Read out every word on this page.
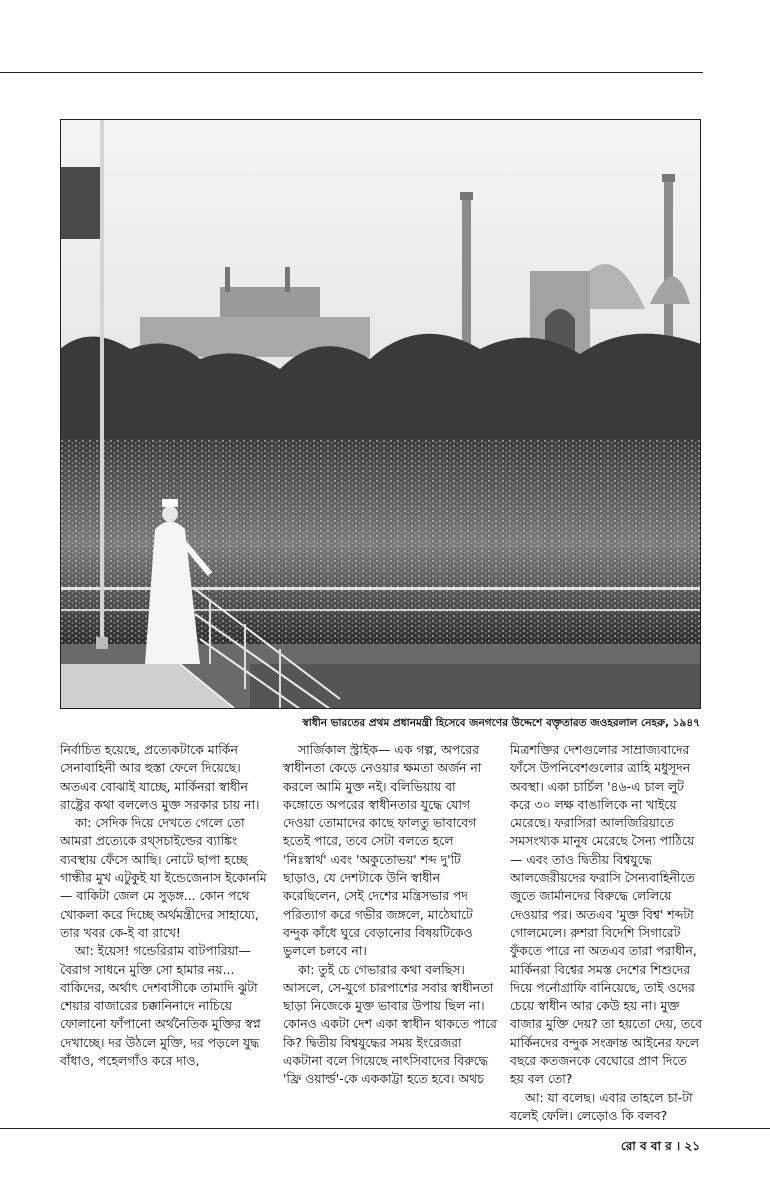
স্বাধীন ভারতের প্রথম প্রধানমন্ত্রী হিসেবে জনগণের উদ্দেশে বক্তৃতারত জওহরলাল নেহরু, ১৯৪৭

নির্বাচিত হয়েছে, প্রত্যেকটাকে মার্কিন সেনাবাহিনী আর হুস্তা ফেলে দিয়েছে। অতএব বোঝাই যাচ্ছে, মার্কিনরা স্বাধীন রাষ্ট্রের কথা বললেও মুক্ত সরকার চায় না।

কা: সেদিক দিয়ে দেখতে গেলে তো আমরা প্রত্যেকে রথ্‌সচাইল্ডের ব্যাঙ্কিং ব্যবস্থায় ফেঁসে আছি। নোটে ছাপা হচ্ছে গান্ধীর মুখ এটুকুই যা ইন্ডেজেনাস ইকোনমি— বাকিটা জেল মে সুড়ঙ্গ... কোন পথে খোকলা করে দিচ্ছে অর্থমন্ত্রীদের সাহায্যে, তার খবর কে-ই বা রাখে!

আ: ইয়েস! গন্ডেরিরাম বাটপারিয়া— বৈরাগ সাধনে মুক্তি সো হামার নয়... বাকিদের, অর্থাৎ দেশবাসীকে তামাদি ঝুটা শেয়ার বাজারের চক্কানিনাদে নাচিয়ে ফোলানো ফাঁপানো অর্থনৈতিক মুক্তির স্বপ্ন দেখাচ্ছে। দর উঠলে মুক্তি, দর পড়লে যুদ্ধ বাঁধাও, পহেলগাঁও করে দাও,

সার্জিকাল স্ট্রাইক— এক গল্প, অপরের স্বাধীনতা কেড়ে নেওয়ার ক্ষমতা অর্জন না করলে আমি মুক্ত নই। বলিভিয়ায় বা কঙ্গোতে অপরের স্বাধীনতার যুদ্ধে যোগ দেওয়া তোমাদের কাছে ফালতু ভাবাবেগ হতেই পারে, তবে সেটা বলতে হলে 'নিঃস্বার্থ' এবং 'অকুতোভয়' শব্দ দু'টি ছাড়াও, যে দেশটাকে উনি স্বাধীন করেছিলেন, সেই দেশের মন্ত্রিসভার পদ পরিত্যাগ করে গভীর জঙ্গলে, মাঠেঘাটে বন্দুক কাঁধে ঘুরে বেড়ানোর বিষয়টিকেও ভুললে চলবে না।

কা: তুই চে গেভারার কথা বলছিস। আসলে, সে-যুগে চারপাশের সবার স্বাধীনতা ছাড়া নিজেকে মুক্ত ভাবার উপায় ছিল না। কোনও একটা দেশ একা স্বাধীন থাকতে পারে কি? দ্বিতীয় বিশ্বযুদ্ধের সময় ইংরেজরা একটানা বলে গিয়েছে নাৎসিবাদের বিরুদ্ধে 'ফ্রি ওয়ার্ল্ড'-কে এককাট্টা হতে হবে। অথচ

মিত্রশক্তির দেশগুলোর সাম্রাজ্যবাদের ফাঁসে উপনিবেশগুলোর ত্রাহি মধুসূদন অবস্থা। একা চার্চিল '৪৬-এ চাল লুট করে ৩০ লক্ষ বাঙালিকে না খাইয়ে মেরেছে। ফরাসিরা আলজিরিয়াতে সমসংখ্যক মানুষ মেরেছে সৈন্য পাঠিয়ে— এবং তাও দ্বিতীয় বিশ্বযুদ্ধে আলজেরীয়দের ফরাসি সৈন্যবাহিনীতে জুতে জার্মানদের বিরুদ্ধে লেলিয়ে দেওয়ার পর। অতএব 'মুক্ত বিশ্ব' শব্দটা গোলমেলে। রুশরা বিদেশি সিগারেট ফুঁকতে পারে না অতএব তারা পরাধীন, মার্কিনরা বিশ্বের সমস্ত দেশের শিশুদের দিয়ে পর্নোগ্রাফি বানিয়েছে, তাই ওদের চেয়ে স্বাধীন আর কেউ হয় না। মুক্ত বাজার মুক্তি দেয়? তা হয়তো দেয়, তবে মার্কিনদের বন্দুক সংক্রান্ত আইনের ফলে বছরে কতজনকে বেঘোরে প্রাণ দিতে হয় বল তো?

আ: যা বলেছ। এবার তাহলে চা-টা বলেই ফেলি। লেড়োও কি বলব?

রো ব বা র । ২১
